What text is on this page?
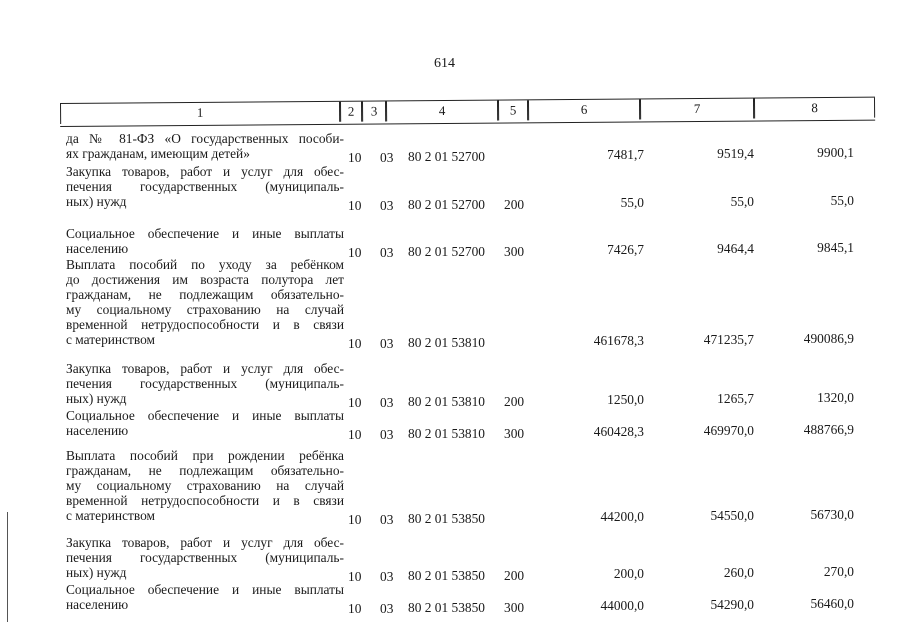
614
1	2	3	4	5	6	7	8
да № 81-ФЗ «О государственных пособи-
ях гражданам, имеющим детей»	10 03 80 2 01 52700	7481,7	9519,4	9900,1
Закупка товаров, работ и услуг для обес-
печения государственных (муниципаль-
ных) нужд	10 03 80 2 01 52700 200	55,0	55,0	55,0
Социальное обеспечение и иные выплаты
населению	10 03 80 2 01 52700 300	7426,7	9464,4	9845,1
Выплата пособий по уходу за ребёнком
до достижения им возраста полутора лет
гражданам, не подлежащим обязательно-
му социальному страхованию на случай
временной нетрудоспособности и в связи
с материнством	10 03 80 2 01 53810	461678,3	471235,7	490086,9
Закупка товаров, работ и услуг для обес-
печения государственных (муниципаль-
ных) нужд	10 03 80 2 01 53810 200	1250,0	1265,7	1320,0
Социальное обеспечение и иные выплаты
населению	10 03 80 2 01 53810 300	460428,3	469970,0	488766,9
Выплата пособий при рождении ребёнка
гражданам, не подлежащим обязательно-
му социальному страхованию на случай
временной нетрудоспособности и в связи
с материнством	10 03 80 2 01 53850	44200,0	54550,0	56730,0
Закупка товаров, работ и услуг для обес-
печения государственных (муниципаль-
ных) нужд	10 03 80 2 01 53850 200	200,0	260,0	270,0
Социальное обеспечение и иные выплаты
населению	10 03 80 2 01 53850 300	44000,0	54290,0	56460,0
